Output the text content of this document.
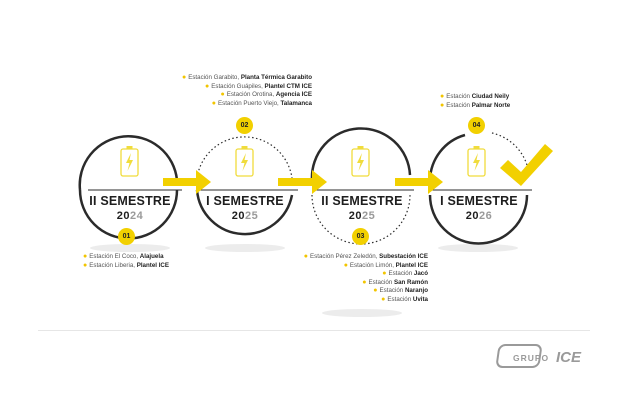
ICE
01
02
03
04
II SEMESTRE
2024
I SEMESTRE
2025
II SEMESTRE
2025
I SEMESTRE
2026
● Estación El Coco, Alajuela
● Estación Liberia, Plantel ICE
● Estación Garabito, Planta Térmica Garabito
● Estación Guápiles, Plantel CTM ICE
● Estación Orotina, Agencia ICE
● Estación Puerto Viejo, Talamanca
● Estación Pérez Zeledón, Subestación ICE
● Estación Limón, Plantel ICE
● Estación Jacó
● Estación San Ramón
● Estación Naranjo
● Estación Uvita
● Estación Ciudad Neily
● Estación Palmar Norte
GRUPO
